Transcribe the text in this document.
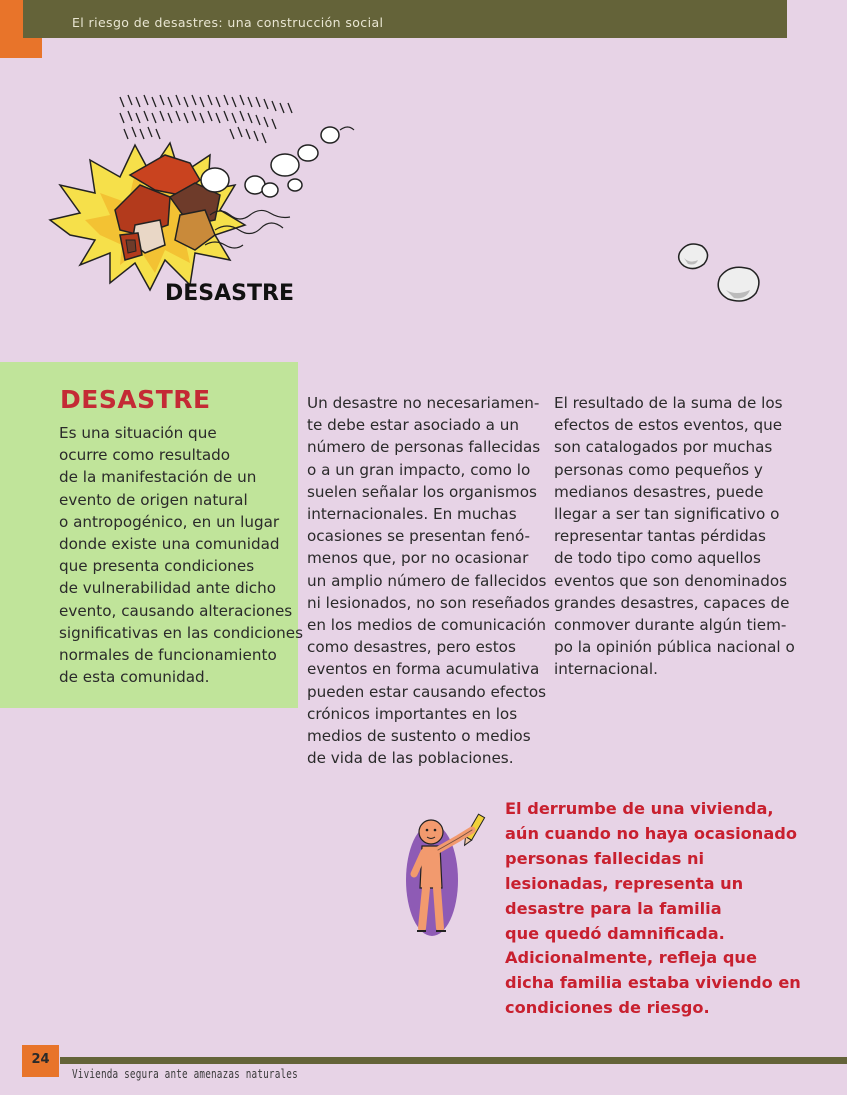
El riesgo de desastres: una construcción social
DESASTRE
DESASTRE
Es una situación que
ocurre como resultado
de la manifestación de un
evento de origen natural
o antropogénico, en un lugar
donde existe una comunidad
que presenta condiciones
de vulnerabilidad ante dicho
evento, causando alteraciones
significativas en las condiciones
normales de funcionamiento
de esta comunidad.
Un desastre no necesariamen-
te debe estar asociado a un
número de personas fallecidas
o a un gran impacto, como lo
suelen señalar los organismos
internacionales. En muchas
ocasiones se presentan fenó-
menos que, por no ocasionar
un amplio número de fallecidos
ni lesionados, no son reseñados
en los medios de comunicación
como desastres, pero estos
eventos en forma acumulativa
pueden estar causando efectos
crónicos importantes en los
medios de sustento o medios
de vida de las poblaciones.
El resultado de la suma de los
efectos de estos eventos, que
son catalogados por muchas
personas como pequeños y
medianos desastres, puede
llegar a ser tan significativo o
representar tantas pérdidas
de todo tipo como aquellos
eventos que son denominados
grandes desastres, capaces de
conmover durante algún tiem-
po la opinión pública nacional o
internacional.
El derrumbe de una vivienda,
aún cuando no haya ocasionado
personas fallecidas ni
lesionadas, representa un
desastre para la familia
que quedó damnificada.
Adicionalmente, refleja que
dicha familia estaba viviendo en
condiciones de riesgo.
24
Vivienda segura ante amenazas naturales
